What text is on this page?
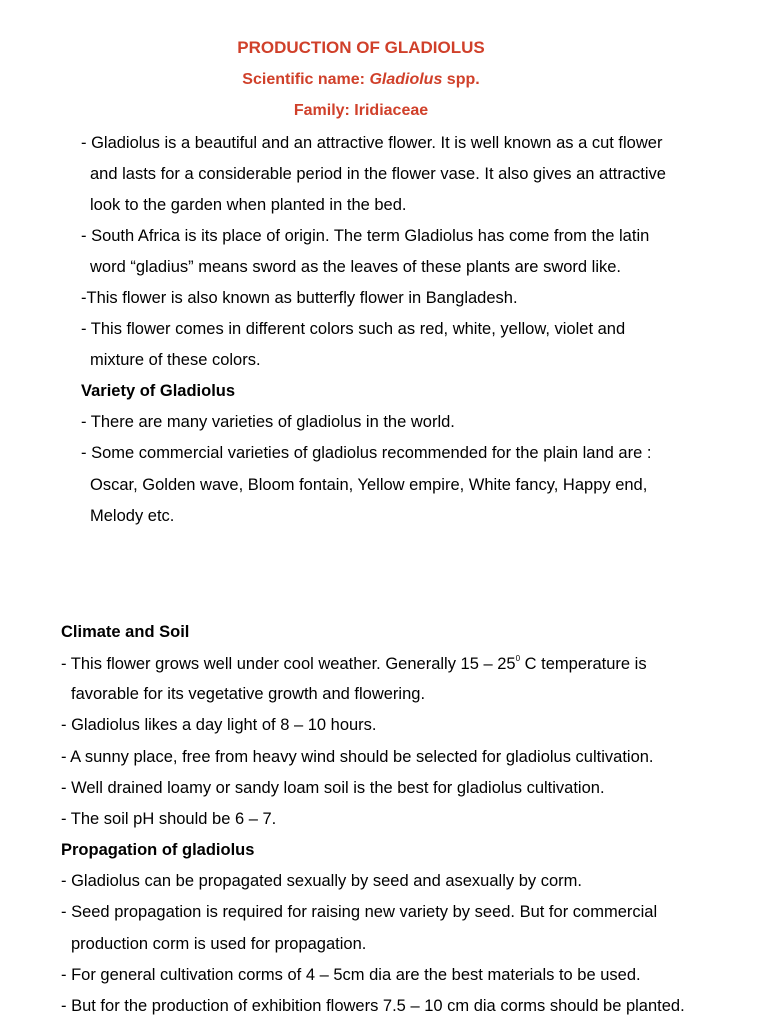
PRODUCTION OF GLADIOLUS
Scientific name: Gladiolus spp.
Family: Iridiaceae

- Gladiolus is a beautiful and an attractive flower. It is well known as a cut flower

and lasts for a considerable period in the flower vase. It also gives an attractive

look to the garden when planted in the bed.

- South Africa is its place of origin. The term Gladiolus has come from the latin

word “gladius” means sword as the leaves of these plants are sword like.

-This flower is also known as butterfly flower in Bangladesh.

- This flower comes in different colors such as red, white, yellow, violet and

mixture of these colors.

Variety of Gladiolus

- There are many varieties of gladiolus in the world.

- Some commercial varieties of gladiolus recommended for the plain land are :

Oscar, Golden wave, Bloom fontain, Yellow empire, White fancy, Happy end,

Melody etc.

Climate and Soil

- This flower grows well under cool weather. Generally $15 - 25^0$ C temperature is

favorable for its vegetative growth and flowering.

- Gladiolus likes a day light of 8 – 10 hours.

- A sunny place, free from heavy wind should be selected for gladiolus cultivation.

- Well drained loamy or sandy loam soil is the best for gladiolus cultivation.

- The soil pH should be 6 – 7.

Propagation of gladiolus

- Gladiolus can be propagated sexually by seed and asexually by corm.

- Seed propagation is required for raising new variety by seed. But for commercial

production corm is used for propagation.

- For general cultivation corms of 4 – 5cm dia are the best materials to be used.

- But for the production of exhibition flowers 7.5 – 10 cm dia corms should be planted.
